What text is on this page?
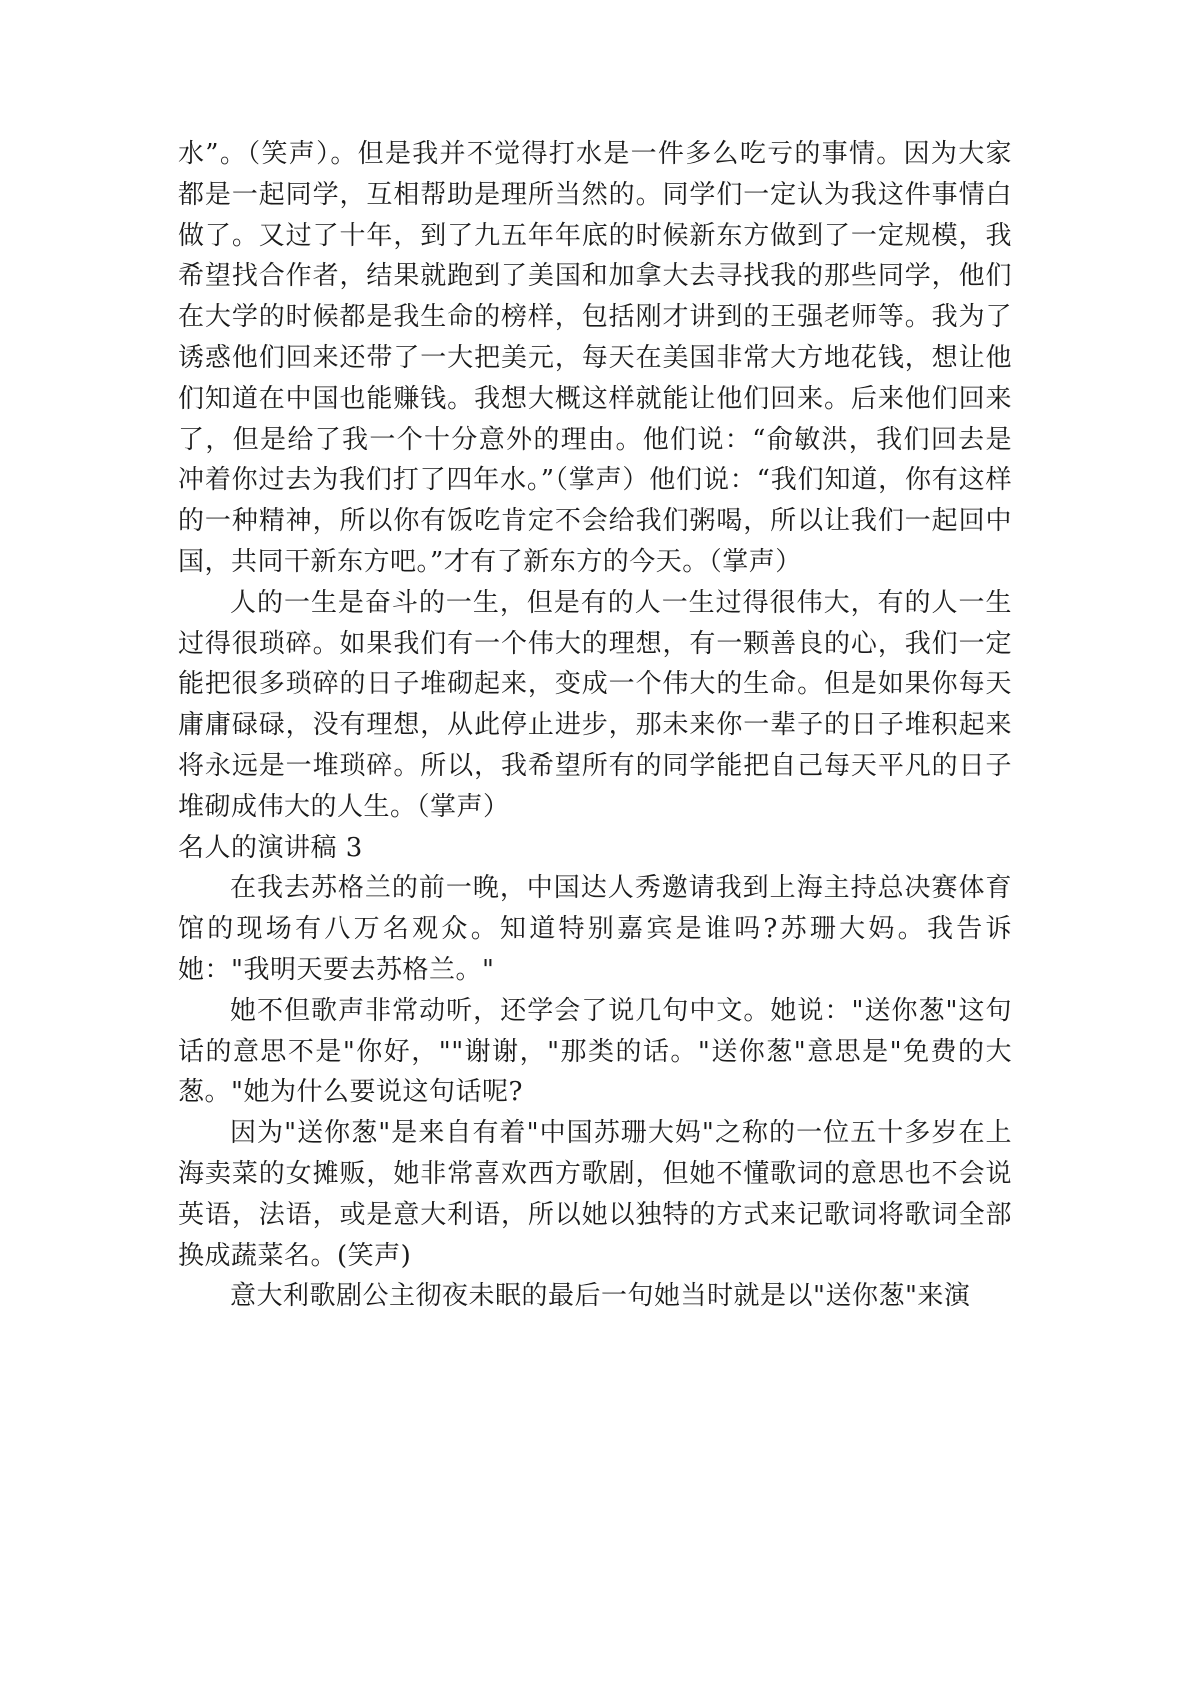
水”。（笑声）。但是我并不觉得打水是一件多么吃亏的事情。因为大家都是一起同学，互相帮助是理所当然的。同学们一定认为我这件事情白做了。又过了十年，到了九五年年底的时候新东方做到了一定规模，我希望找合作者，结果就跑到了美国和加拿大去寻找我的那些同学，他们在大学的时候都是我生命的榜样，包括刚才讲到的王强老师等。我为了诱惑他们回来还带了一大把美元，每天在美国非常大方地花钱，想让他们知道在中国也能赚钱。我想大概这样就能让他们回来。后来他们回来了，但是给了我一个十分意外的理由。他们说：“俞敏洪，我们回去是冲着你过去为我们打了四年水。”（掌声）他们说：“我们知道，你有这样的一种精神，所以你有饭吃肯定不会给我们粥喝，所以让我们一起回中国，共同干新东方吧。”才有了新东方的今天。（掌声）

人的一生是奋斗的一生，但是有的人一生过得很伟大，有的人一生过得很琐碎。如果我们有一个伟大的理想，有一颗善良的心，我们一定能把很多琐碎的日子堆砌起来，变成一个伟大的生命。但是如果你每天庸庸碌碌，没有理想，从此停止进步，那未来你一辈子的日子堆积起来将永远是一堆琐碎。所以，我希望所有的同学能把自己每天平凡的日子堆砌成伟大的人生。（掌声）

名人的演讲稿 3

在我去苏格兰的前一晚，中国达人秀邀请我到上海主持总决赛体育馆的现场有八万名观众。知道特别嘉宾是谁吗?苏珊大妈。我告诉她："我明天要去苏格兰。"

她不但歌声非常动听，还学会了说几句中文。她说："送你葱"这句话的意思不是"你好，""谢谢，"那类的话。"送你葱"意思是"免费的大葱。"她为什么要说这句话呢?

因为"送你葱"是来自有着"中国苏珊大妈"之称的一位五十多岁在上海卖菜的女摊贩，她非常喜欢西方歌剧，但她不懂歌词的意思也不会说英语，法语，或是意大利语，所以她以独特的方式来记歌词将歌词全部换成蔬菜名。(笑声)

意大利歌剧公主彻夜未眠的最后一句她当时就是以"送你葱"来演
